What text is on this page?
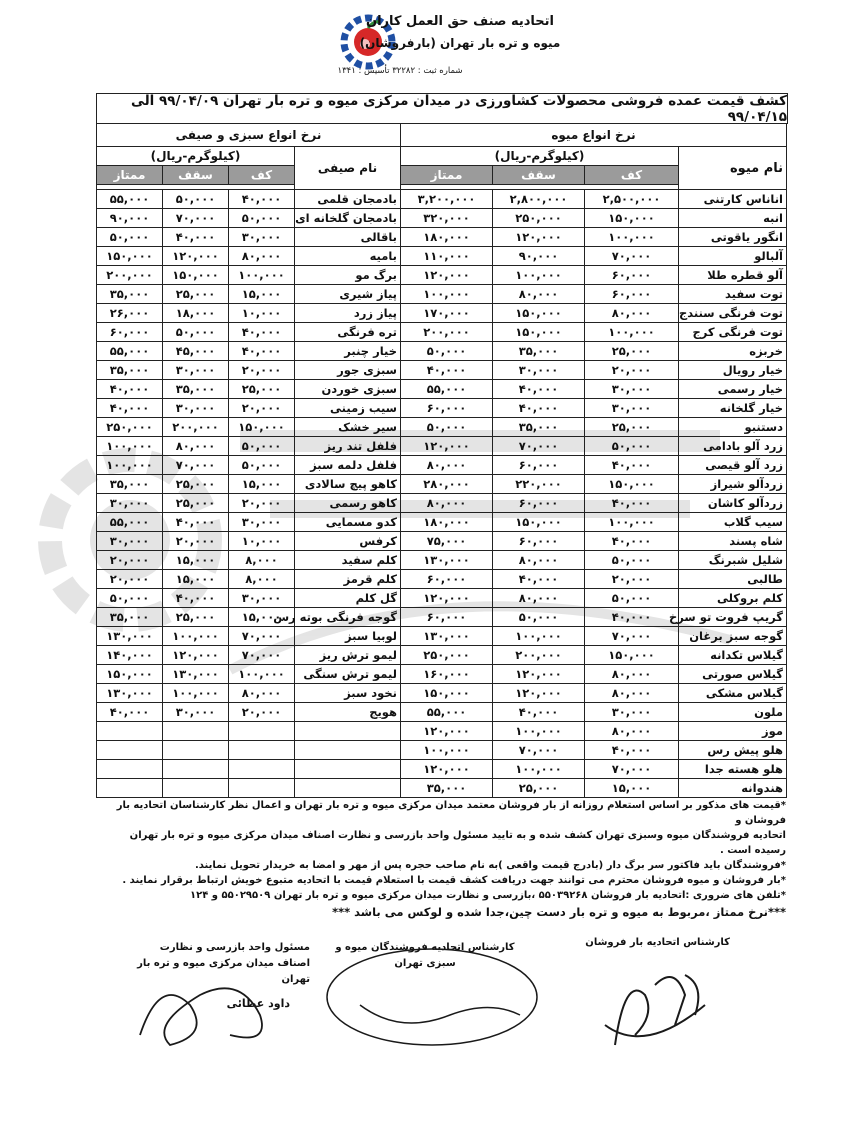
اتحادیه صنف حق العمل کاران
(بارفروشان) میوه و تره بار تهران
شماره ثبت : ۳۲۲۸۲ تأسیس : ۱۳۴۱
کشف قیمت عمده فروشی محصولات کشاورزی در میدان مرکزی میوه و تره بار تهران ۹۹/۰۴/۰۹ الی ۹۹/۰۴/۱۵
نرخ انواع میوه			
نام میوه	(کیلوگرم-ریال)		
	کف	سقف	ممتاز

اناناس کارتنی	۲,۵۰۰,۰۰۰	۲,۸۰۰,۰۰۰	۳,۲۰۰,۰۰۰
انبه	۱۵۰,۰۰۰	۲۵۰,۰۰۰	۳۲۰,۰۰۰
انگور یاقوتی	۱۰۰,۰۰۰	۱۲۰,۰۰۰	۱۸۰,۰۰۰
آلبالو	۷۰,۰۰۰	۹۰,۰۰۰	۱۱۰,۰۰۰
آلو قطره طلا	۶۰,۰۰۰	۱۰۰,۰۰۰	۱۲۰,۰۰۰
توت سفید	۶۰,۰۰۰	۸۰,۰۰۰	۱۰۰,۰۰۰
توت فرنگی سنندج	۸۰,۰۰۰	۱۵۰,۰۰۰	۱۷۰,۰۰۰
توت فرنگی کرج	۱۰۰,۰۰۰	۱۵۰,۰۰۰	۲۰۰,۰۰۰
خربزه	۲۵,۰۰۰	۳۵,۰۰۰	۵۰,۰۰۰
خیار رویال	۲۰,۰۰۰	۳۰,۰۰۰	۴۰,۰۰۰
خیار رسمی	۳۰,۰۰۰	۴۰,۰۰۰	۵۵,۰۰۰
خیار گلخانه	۳۰,۰۰۰	۴۰,۰۰۰	۶۰,۰۰۰
دستنبو	۲۵,۰۰۰	۳۵,۰۰۰	۵۰,۰۰۰
زرد آلو بادامی	۵۰,۰۰۰	۷۰,۰۰۰	۱۲۰,۰۰۰
زرد آلو قیصی	۴۰,۰۰۰	۶۰,۰۰۰	۸۰,۰۰۰
زردآلو شیراز	۱۵۰,۰۰۰	۲۲۰,۰۰۰	۲۸۰,۰۰۰
زردآلو کاشان	۴۰,۰۰۰	۶۰,۰۰۰	۸۰,۰۰۰
سیب گلاب	۱۰۰,۰۰۰	۱۵۰,۰۰۰	۱۸۰,۰۰۰
شاه پسند	۴۰,۰۰۰	۶۰,۰۰۰	۷۵,۰۰۰
شلیل شبرنگ	۵۰,۰۰۰	۸۰,۰۰۰	۱۳۰,۰۰۰
طالبی	۲۰,۰۰۰	۴۰,۰۰۰	۶۰,۰۰۰
کلم بروکلی	۵۰,۰۰۰	۸۰,۰۰۰	۱۲۰,۰۰۰
گریپ فروت تو سرخ	۴۰,۰۰۰	۵۰,۰۰۰	۶۰,۰۰۰
گوجه سبز برغان	۷۰,۰۰۰	۱۰۰,۰۰۰	۱۳۰,۰۰۰
گیلاس تکدانه	۱۵۰,۰۰۰	۲۰۰,۰۰۰	۲۵۰,۰۰۰
گیلاس صورتی	۸۰,۰۰۰	۱۲۰,۰۰۰	۱۶۰,۰۰۰
گیلاس مشکی	۸۰,۰۰۰	۱۲۰,۰۰۰	۱۵۰,۰۰۰
ملون	۳۰,۰۰۰	۴۰,۰۰۰	۵۵,۰۰۰
موز	۸۰,۰۰۰	۱۰۰,۰۰۰	۱۲۰,۰۰۰
هلو پیش رس	۴۰,۰۰۰	۷۰,۰۰۰	۱۰۰,۰۰۰
هلو هسته جدا	۷۰,۰۰۰	۱۰۰,۰۰۰	۱۲۰,۰۰۰
هندوانه	۱۵,۰۰۰	۲۵,۰۰۰	۳۵,۰۰۰
نرخ انواع سبزی و صیفی			
نام صیفی	(کیلوگرم-ریال)		
	کف	سقف	ممتاز

بادمجان قلمی	۴۰,۰۰۰	۵۰,۰۰۰	۵۵,۰۰۰
بادمجان گلخانه ای	۵۰,۰۰۰	۷۰,۰۰۰	۹۰,۰۰۰
باقالی	۳۰,۰۰۰	۴۰,۰۰۰	۵۰,۰۰۰
بامیه	۸۰,۰۰۰	۱۲۰,۰۰۰	۱۵۰,۰۰۰
برگ مو	۱۰۰,۰۰۰	۱۵۰,۰۰۰	۲۰۰,۰۰۰
پیاز شیری	۱۵,۰۰۰	۲۵,۰۰۰	۳۵,۰۰۰
پیاز زرد	۱۰,۰۰۰	۱۸,۰۰۰	۲۶,۰۰۰
تره فرنگی	۴۰,۰۰۰	۵۰,۰۰۰	۶۰,۰۰۰
خیار چنبر	۴۰,۰۰۰	۴۵,۰۰۰	۵۵,۰۰۰
سبزی جور	۲۰,۰۰۰	۳۰,۰۰۰	۳۵,۰۰۰
سبزی خوردن	۲۵,۰۰۰	۳۵,۰۰۰	۴۰,۰۰۰
سیب زمینی	۲۰,۰۰۰	۳۰,۰۰۰	۴۰,۰۰۰
سیر خشک	۱۵۰,۰۰۰	۲۰۰,۰۰۰	۲۵۰,۰۰۰
فلفل تند ریز	۵۰,۰۰۰	۸۰,۰۰۰	۱۰۰,۰۰۰
فلفل دلمه سبز	۵۰,۰۰۰	۷۰,۰۰۰	۱۰۰,۰۰۰
کاهو پیچ سالادی	۱۵,۰۰۰	۲۵,۰۰۰	۳۵,۰۰۰
کاهو رسمی	۲۰,۰۰۰	۲۵,۰۰۰	۳۰,۰۰۰
کدو مسمایی	۳۰,۰۰۰	۴۰,۰۰۰	۵۵,۰۰۰
کرفس	۱۰,۰۰۰	۲۰,۰۰۰	۳۰,۰۰۰
کلم سفید	۸,۰۰۰	۱۵,۰۰۰	۲۰,۰۰۰
کلم قرمز	۸,۰۰۰	۱۵,۰۰۰	۲۰,۰۰۰
گل کلم	۳۰,۰۰۰	۴۰,۰۰۰	۵۰,۰۰۰
گوجه فرنگی بوته رس	۱۵,۰۰۰	۲۵,۰۰۰	۳۵,۰۰۰
لوبیا سبز	۷۰,۰۰۰	۱۰۰,۰۰۰	۱۳۰,۰۰۰
لیمو ترش ریز	۷۰,۰۰۰	۱۲۰,۰۰۰	۱۴۰,۰۰۰
لیمو ترش سنگی	۱۰۰,۰۰۰	۱۳۰,۰۰۰	۱۵۰,۰۰۰
نخود سبز	۸۰,۰۰۰	۱۰۰,۰۰۰	۱۳۰,۰۰۰
هویج	۲۰,۰۰۰	۳۰,۰۰۰	۴۰,۰۰۰

*قیمت های مذکور بر اساس استعلام روزانه از بار فروشان معتمد میدان مرکزی میوه و تره بار تهران و اعمال نظر کارشناسان اتحادیه بار فروشان و

اتحادیه فروشندگان میوه وسبزی تهران کشف شده و به تایید مسئول واحد بازرسی و نظارت اصناف میدان مرکزی میوه و تره بار تهران رسیده است .

*فروشندگان باید فاکتور سر برگ دار (بادرج قیمت واقعی )به نام صاحب حجره پس از مهر و امضا به خریدار تحویل نمایند.

*بار فروشان و میوه فروشان محترم می توانند جهت دریافت کشف قیمت با استعلام قیمت با اتحادیه متبوع خویش ارتباط برقرار نمایند .

*تلفن های ضروری :اتحادیه بار فروشان ۵۵۰۳۹۲۶۸ ،بازرسی و نظارت میدان مرکزی میوه و تره بار تهران ۵۵۰۲۹۵۰۹ و ۱۲۴

***نرخ ممتاز ،مربوط به میوه و تره بار دست چین،جدا شده و لوکس می باشد ***

کارشناس اتحادیه بار فروشان
کارشناس اتحادیه فروشندگان میوه و سبزی تهران
مسئول واحد بازرسی و نظارت
اصناف میدان مرکزی میوه و تره بار تهران
داود عطائی
